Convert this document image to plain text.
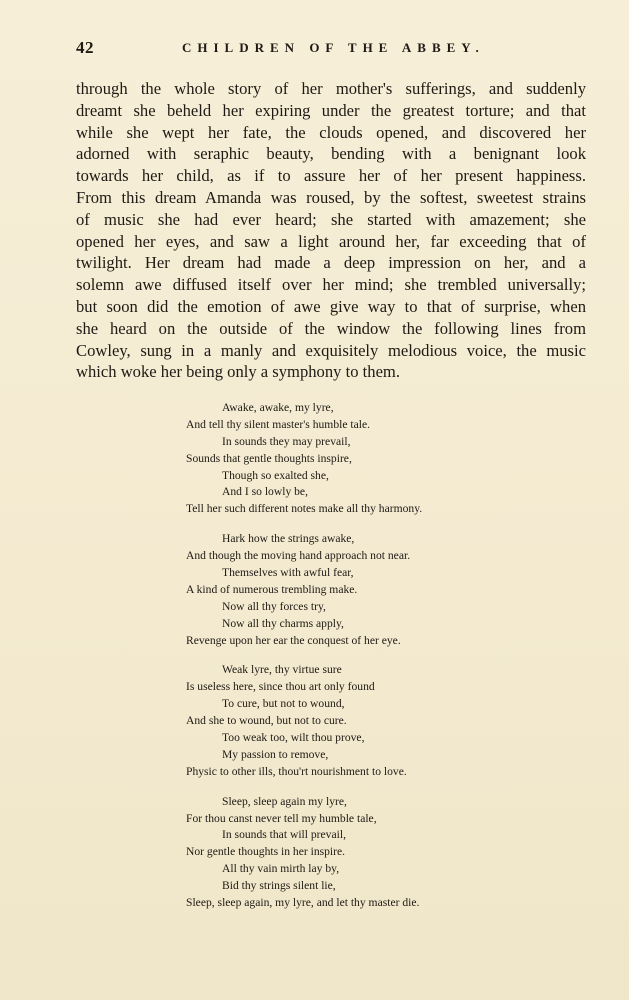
42	CHILDREN OF THE ABBEY.
through the whole story of her mother's sufferings, and suddenly
dreamt she beheld her expiring under the greatest torture; and that
while she wept her fate, the clouds opened, and discovered her
adorned with seraphic beauty, bending with a benignant look
towards her child, as if to assure her of her present happiness.
From this dream Amanda was roused, by the softest, sweetest strains
of music she had ever heard; she started with amazement; she
opened her eyes, and saw a light around her, far exceeding that of
twilight. Her dream had made a deep impression on her, and a
solemn awe diffused itself over her mind; she trembled universally;
but soon did the emotion of awe give way to that of surprise, when
she heard on the outside of the window the following lines from
Cowley, sung in a manly and exquisitely melodious voice, the music
which woke her being only a symphony to them.
Awake, awake, my lyre,
And tell thy silent master's humble tale.
In sounds they may prevail,
Sounds that gentle thoughts inspire,
Though so exalted she,
And I so lowly be,
Tell her such different notes make all thy harmony.
Hark how the strings awake,
And though the moving hand approach not near.
Themselves with awful fear,
A kind of numerous trembling make.
Now all thy forces try,
Now all thy charms apply,
Revenge upon her ear the conquest of her eye.
Weak lyre, thy virtue sure
Is useless here, since thou art only found
To cure, but not to wound,
And she to wound, but not to cure.
Too weak too, wilt thou prove,
My passion to remove,
Physic to other ills, thou'rt nourishment to love.
Sleep, sleep again my lyre,
For thou canst never tell my humble tale,
In sounds that will prevail,
Nor gentle thoughts in her inspire.
All thy vain mirth lay by,
Bid thy strings silent lie,
Sleep, sleep again, my lyre, and let thy master die.
